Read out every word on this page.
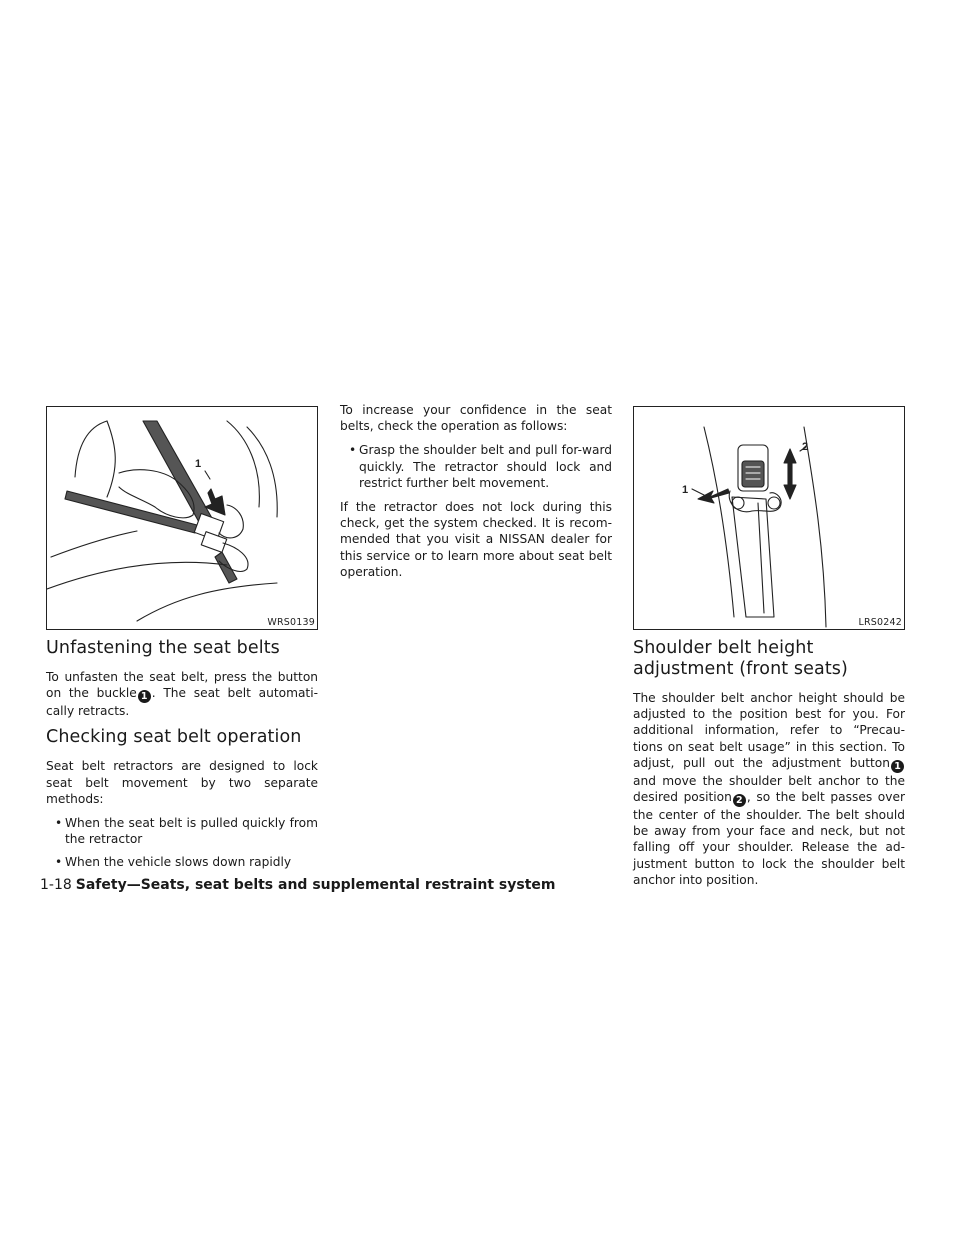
1
WRS0139
Unfastening the seat belts

To unfasten the seat belt, press the button on the buckle 1 . The seat belt automati-cally retracts.

Checking seat belt operation

Seat belt retractors are designed to lock seat belt movement by two separate methods:

• When the seat belt is pulled quickly from the retractor
• When the vehicle slows down rapidly

To increase your confidence in the seat belts, check the operation as follows:

• Grasp the shoulder belt and pull for-ward quickly. The retractor should lock and restrict further belt movement.

If the retractor does not lock during this check, get the system checked. It is recom-mended that you visit a NISSAN dealer for this service or to learn more about seat belt operation.

1
2
LRS0242
Shoulder belt height adjustment (front seats)

The shoulder belt anchor height should be adjusted to the position best for you. For additional information, refer to “Precau-tions on seat belt usage” in this section. To adjust, pull out the adjustment button 1 and move the shoulder belt anchor to the desired position 2 , so the belt passes over the center of the shoulder. The belt should be away from your face and neck, but not falling off your shoulder. Release the ad-justment button to lock the shoulder belt anchor into position.

1-18 Safety—Seats, seat belts and supplemental restraint system
